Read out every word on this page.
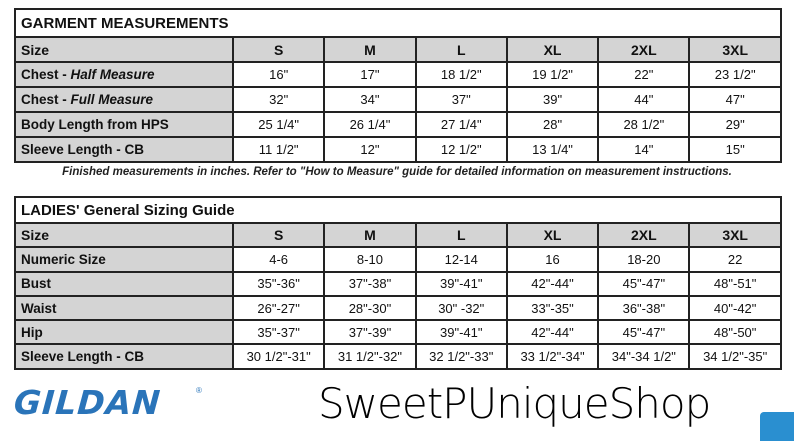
GARMENT MEASUREMENTS						
Size	S	M	L	XL	2XL	3XL
Chest - Half Measure	16"	17"	18 1/2"	19 1/2"	22"	23 1/2"
Chest - Full Measure	32"	34"	37"	39"	44"	47"
Body Length from HPS	25 1/4"	26 1/4"	27 1/4"	28"	28 1/2"	29"
Sleeve Length - CB	11 1/2"	12"	12 1/2"	13 1/4"	14"	15"
Finished measurements in inches. Refer to "How to Measure" guide for detailed information on measurement instructions.
LADIES' General Sizing Guide						
Size	S	M	L	XL	2XL	3XL
Numeric Size	4-6	8-10	12-14	16	18-20	22
Bust	35"-36"	37"-38"	39"-41"	42"-44"	45"-47"	48"-51"
Waist	26"-27"	28"-30"	30" -32"	33"-35"	36"-38"	40"-42"
Hip	35"-37"	37"-39"	39"-41"	42"-44"	45"-47"	48"-50"
Sleeve Length - CB	30 1/2"-31"	31 1/2"-32"	32 1/2"-33"	33 1/2"-34"	34"-34 1/2"	34 1/2"-35"
GILDAN	®	SweetPUniqueShop
